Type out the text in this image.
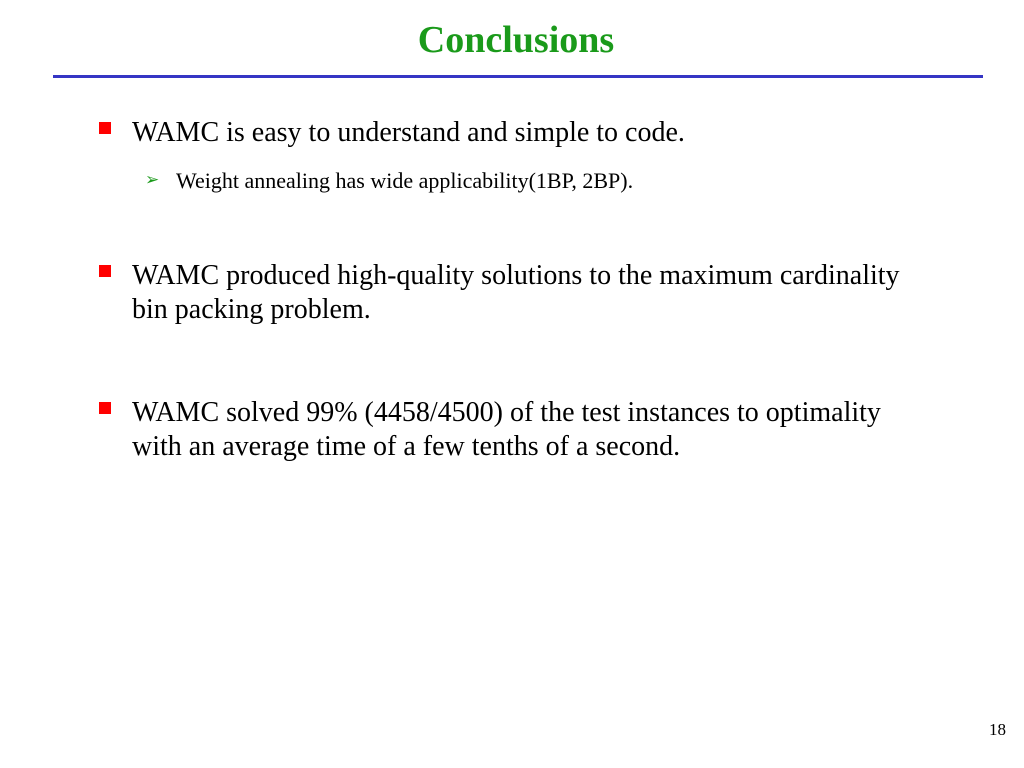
Conclusions

WAMC is easy to understand and simple to code.

➢ Weight annealing has wide applicability(1BP, 2BP).

WAMC produced high-quality solutions to the maximum cardinality bin packing problem.

WAMC solved 99% (4458/4500) of the test instances to optimality with an average time of a few tenths of a second.

18
